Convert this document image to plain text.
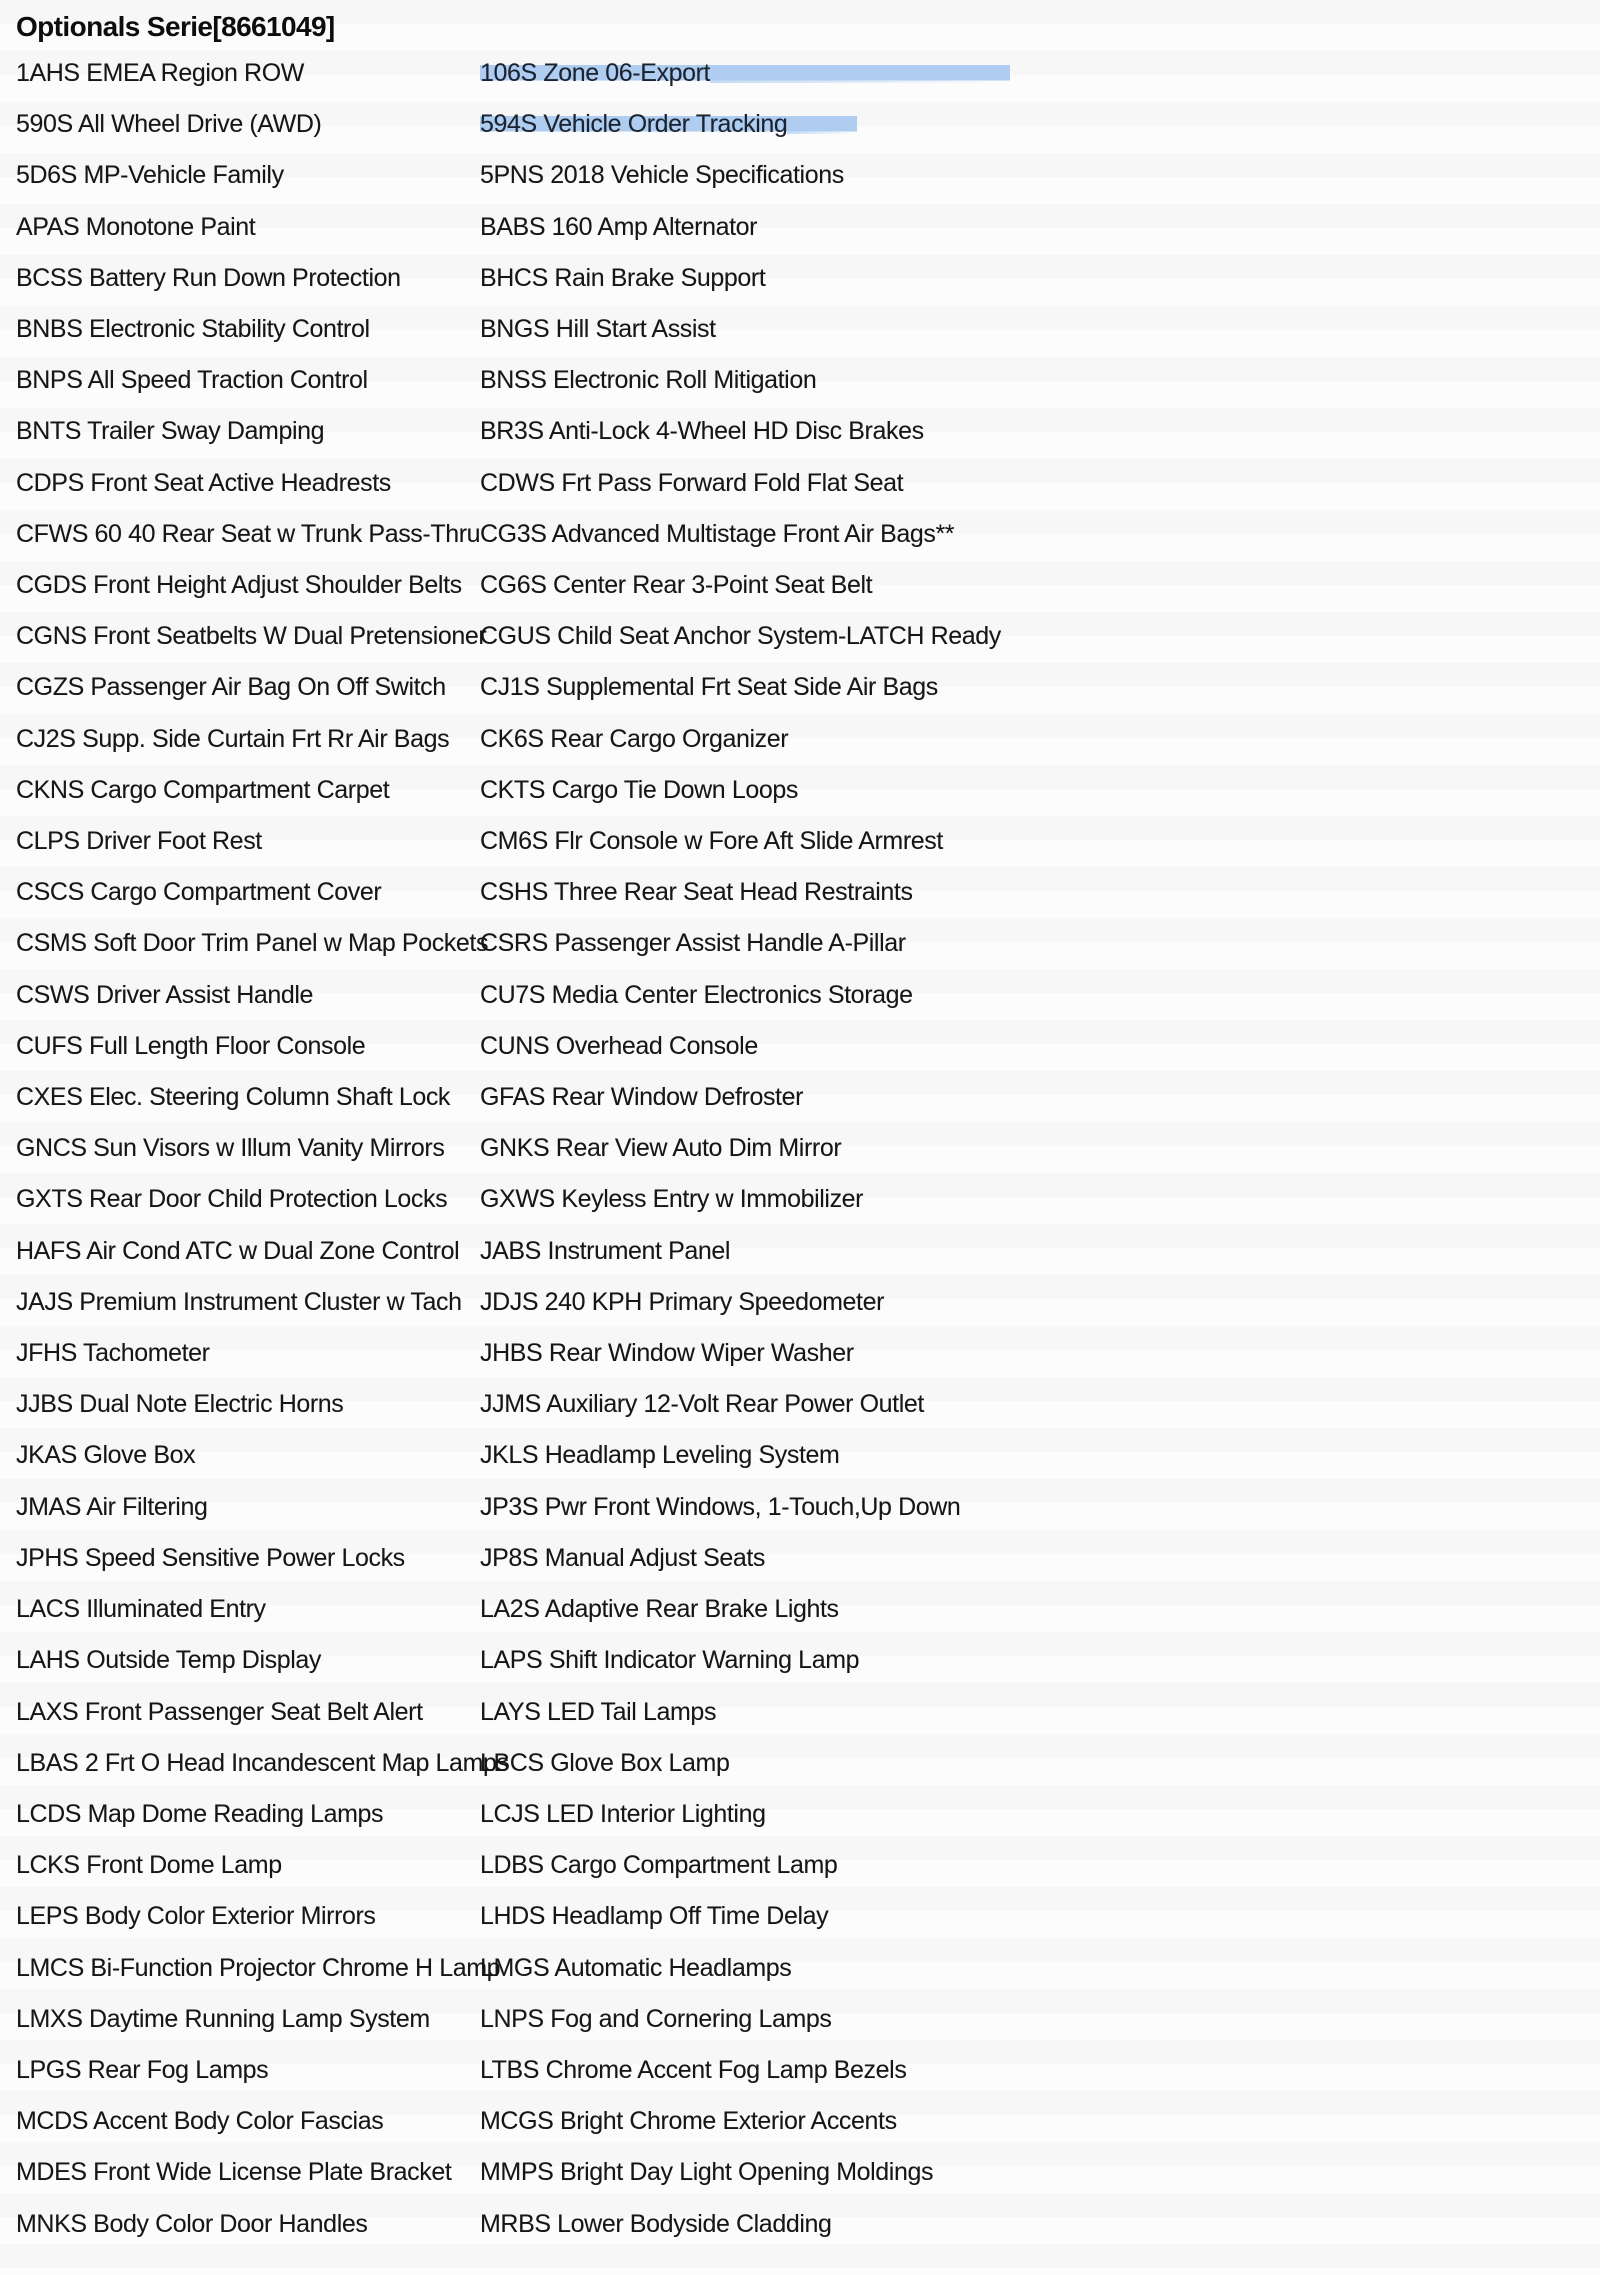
Optionals Serie[8661049]
1AHS EMEA Region ROW
590S All Wheel Drive (AWD)
5D6S MP-Vehicle Family
APAS Monotone Paint
BCSS Battery Run Down Protection
BNBS Electronic Stability Control
BNPS All Speed Traction Control
BNTS Trailer Sway Damping
CDPS Front Seat Active Headrests
CFWS 60 40 Rear Seat w Trunk Pass-Thru
CGDS Front Height Adjust Shoulder Belts
CGNS Front Seatbelts W Dual Pretensioner
CGZS Passenger Air Bag On Off Switch
CJ2S Supp. Side Curtain Frt Rr Air Bags
CKNS Cargo Compartment Carpet
CLPS Driver Foot Rest
CSCS Cargo Compartment Cover
CSMS Soft Door Trim Panel w Map Pockets
CSWS Driver Assist Handle
CUFS Full Length Floor Console
CXES Elec. Steering Column Shaft Lock
GNCS Sun Visors w Illum Vanity Mirrors
GXTS Rear Door Child Protection Locks
HAFS Air Cond ATC w Dual Zone Control
JAJS Premium Instrument Cluster w Tach
JFHS Tachometer
JJBS Dual Note Electric Horns
JKAS Glove Box
JMAS Air Filtering
JPHS Speed Sensitive Power Locks
LACS Illuminated Entry
LAHS Outside Temp Display
LAXS Front Passenger Seat Belt Alert
LBAS 2 Frt O Head Incandescent Map Lamps
LCDS Map Dome Reading Lamps
LCKS Front Dome Lamp
LEPS Body Color Exterior Mirrors
LMCS Bi-Function Projector Chrome H Lamp
LMXS Daytime Running Lamp System
LPGS Rear Fog Lamps
MCDS Accent Body Color Fascias
MDES Front Wide License Plate Bracket
MNKS Body Color Door Handles
106S Zone 06-Export
594S Vehicle Order Tracking
5PNS 2018 Vehicle Specifications
BABS 160 Amp Alternator
BHCS Rain Brake Support
BNGS Hill Start Assist
BNSS Electronic Roll Mitigation
BR3S Anti-Lock 4-Wheel HD Disc Brakes
CDWS Frt Pass Forward Fold Flat Seat
CG3S Advanced Multistage Front Air Bags**
CG6S Center Rear 3-Point Seat Belt
CGUS Child Seat Anchor System-LATCH Ready
CJ1S Supplemental Frt Seat Side Air Bags
CK6S Rear Cargo Organizer
CKTS Cargo Tie Down Loops
CM6S Flr Console w Fore Aft Slide Armrest
CSHS Three Rear Seat Head Restraints
CSRS Passenger Assist Handle A-Pillar
CU7S Media Center Electronics Storage
CUNS Overhead Console
GFAS Rear Window Defroster
GNKS Rear View Auto Dim Mirror
GXWS Keyless Entry w Immobilizer
JABS Instrument Panel
JDJS 240 KPH Primary Speedometer
JHBS Rear Window Wiper Washer
JJMS Auxiliary 12-Volt Rear Power Outlet
JKLS Headlamp Leveling System
JP3S Pwr Front Windows, 1-Touch,Up Down
JP8S Manual Adjust Seats
LA2S Adaptive Rear Brake Lights
LAPS Shift Indicator Warning Lamp
LAYS LED Tail Lamps
LBCS Glove Box Lamp
LCJS LED Interior Lighting
LDBS Cargo Compartment Lamp
LHDS Headlamp Off Time Delay
LMGS Automatic Headlamps
LNPS Fog and Cornering Lamps
LTBS Chrome Accent Fog Lamp Bezels
MCGS Bright Chrome Exterior Accents
MMPS Bright Day Light Opening Moldings
MRBS Lower Bodyside Cladding
